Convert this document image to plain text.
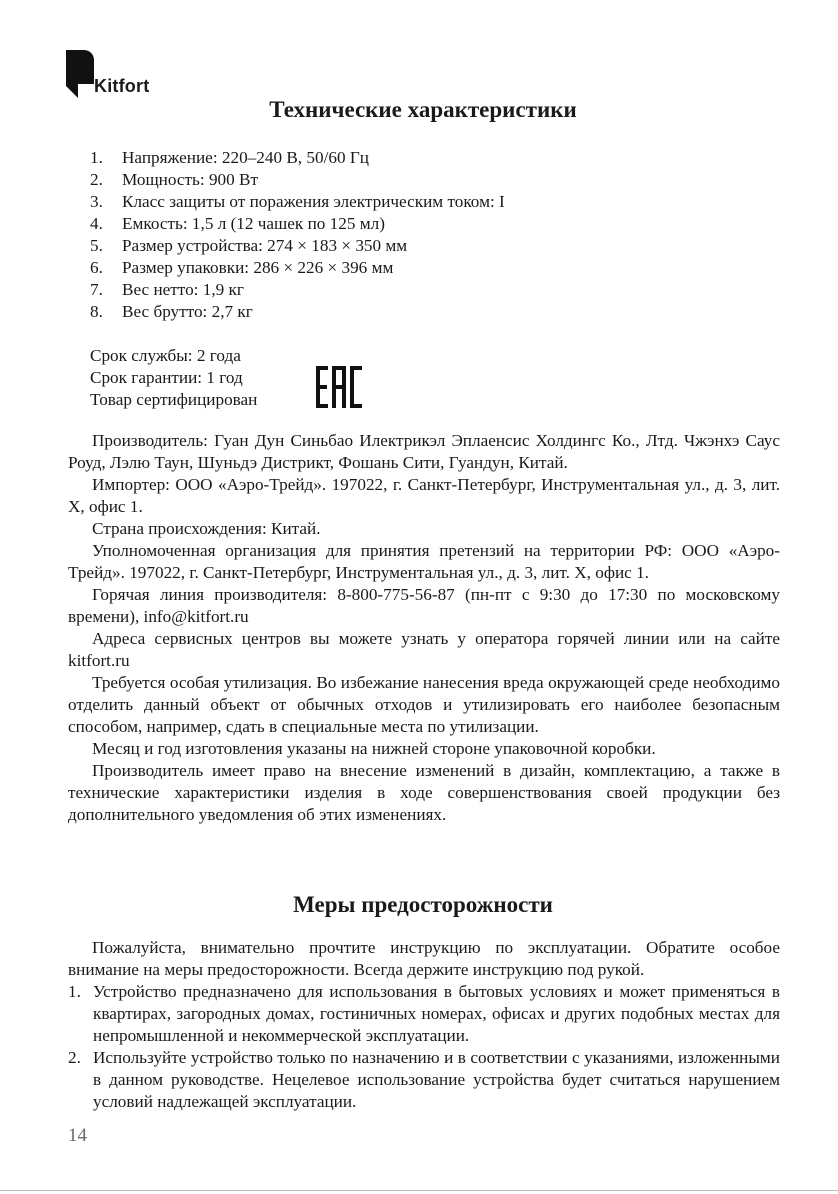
Kitfort
Технические характеристики
1.	Напряжение: 220–240 В, 50/60 Гц
2.	Мощность: 900 Вт
3.	Класс защиты от поражения электрическим током: I
4.	Емкость: 1,5 л (12 чашек по 125 мл)
5.	Размер устройства: 274 × 183 × 350 мм
6.	Размер упаковки: 286 × 226 × 396 мм
7.	Вес нетто: 1,9 кг
8.	Вес брутто: 2,7 кг
Срок службы: 2 года
Срок гарантии: 1 год
Товар сертифицирован

Производитель: Гуан Дун Синьбао Илектрикэл Эплаенсис Холдингс Ко., Лтд. Чжэнхэ Саус Роуд, Лэлю Таун, Шуньдэ Дистрикт, Фошань Сити, Гуандун, Китай.

Импортер: ООО «Аэро-Трейд». 197022, г. Санкт-Петербург, Инструментальная ул., д. 3, лит. Х, офис 1.

Страна происхождения: Китай.

Уполномоченная организация для принятия претензий на территории РФ: ООО «Аэро-Трейд». 197022, г. Санкт-Петербург, Инструментальная ул., д. 3, лит. Х, офис 1.

Горячая линия производителя: 8-800-775-56-87 (пн-пт с 9:30 до 17:30 по московскому времени), info@kitfort.ru

Адреса сервисных центров вы можете узнать у оператора горячей линии или на сайте kitfort.ru

Требуется особая утилизация. Во избежание нанесения вреда окружающей среде необходимо отделить данный объект от обычных отходов и утилизировать его наиболее безопасным способом, например, сдать в специальные места по утилизации.

Месяц и год изготовления указаны на нижней стороне упаковочной коробки.

Производитель имеет право на внесение изменений в дизайн, комплектацию, а также в технические характеристики изделия в ходе совершенствования своей продукции без дополнительного уведомления об этих изменениях.

Меры предосторожности

Пожалуйста, внимательно прочтите инструкцию по эксплуатации. Обратите особое внимание на меры предосторожности. Всегда держите инструкцию под рукой.

1. Устройство предназначено для использования в бытовых условиях и может применяться в квартирах, загородных домах, гостиничных номерах, офисах и других подобных местах для непромышленной и некоммерческой эксплуатации.
2. Используйте устройство только по назначению и в соответствии с указаниями, изложенными в данном руководстве. Нецелевое использование устройства будет считаться нарушением условий надлежащей эксплуатации.
14
